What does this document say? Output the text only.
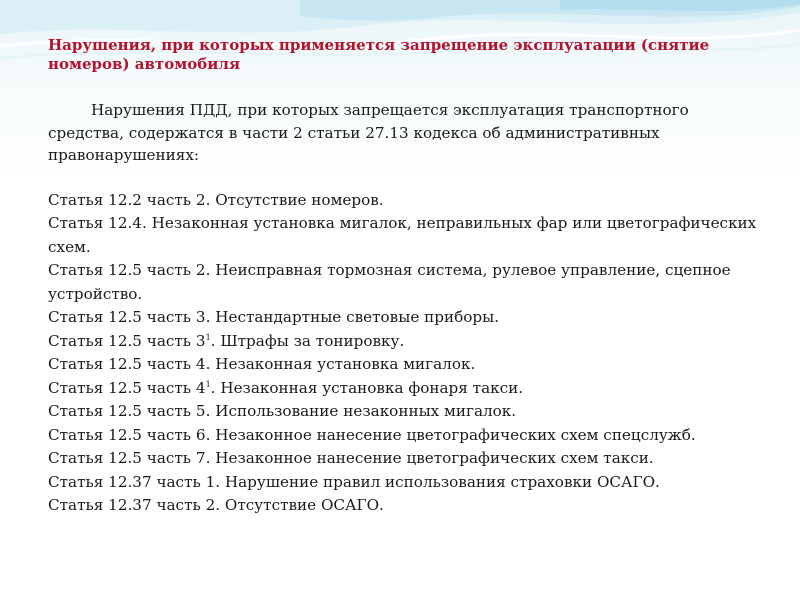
Нарушения, при которых применяется запрещение эксплуатации (снятие номеров) автомобиля

Нарушения ПДД, при которых запрещается эксплуатация транспортного средства, содержатся в части 2 статьи 27.13 кодекса об административных правонарушениях:

Статья 12.2 часть 2. Отсутствие номеров.
Статья 12.4. Незаконная установка мигалок, неправильных фар или цветографических схем.
Статья 12.5 часть 2. Неисправная тормозная система, рулевое управление, сцепное устройство.
Статья 12.5 часть 3. Нестандартные световые приборы.
Статья 12.5 часть $3^1$. Штрафы за тонировку.
Статья 12.5 часть 4. Незаконная установка мигалок.
Статья 12.5 часть $4^1$. Незаконная установка фонаря такси.
Статья 12.5 часть 5. Использование незаконных мигалок.
Статья 12.5 часть 6. Незаконное нанесение цветографических схем спецслужб.
Статья 12.5 часть 7. Незаконное нанесение цветографических схем такси.
Статья 12.37 часть 1. Нарушение правил использования страховки ОСАГО.
Статья 12.37 часть 2. Отсутствие ОСАГО.
